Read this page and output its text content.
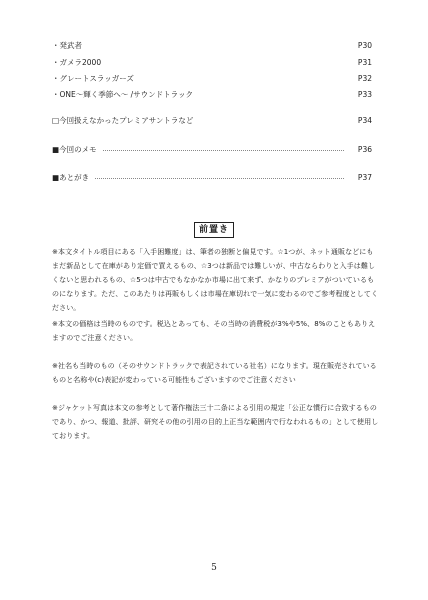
・発武者	P30
・ガメラ2000	P31
・グレートスラッガーズ	P32
・ONE～輝く季節へ～ /サウンドトラック	P33
□今回扱えなかったプレミアサントラなど	P34
■今回のメモ	P36
■あとがき	P37
前置き

※本文タイトル項目にある「入手困難度」は、筆者の独断と偏見です。☆1つが、ネット通販などにもまだ新品として在庫があり定価で買えるもの、☆3つは新品では難しいが、中古ならわりと入手は難しくないと思われるもの、☆5つは中古でもなかなか市場に出て来ず、かなりのプレミアがついているものになります。ただ、このあたりは再販もしくは市場在庫切れで一気に変わるのでご参考程度としてください。

※本文の価格は当時のものです。税込とあっても、その当時の消費税が3%や5%、8%のこともありえますのでご注意ください。

※社名も当時のもの（そのサウンドトラックで表記されている社名）になります。現在販売されているものと名称や(c)表記が変わっている可能性もございますのでご注意ください

※ジャケット写真は本文の参考として著作権法三十二条による引用の規定「公正な慣行に合致するものであり、かつ、報道、批評、研究その他の引用の目的上正当な範囲内で行なわれるもの」として使用しております。

5
